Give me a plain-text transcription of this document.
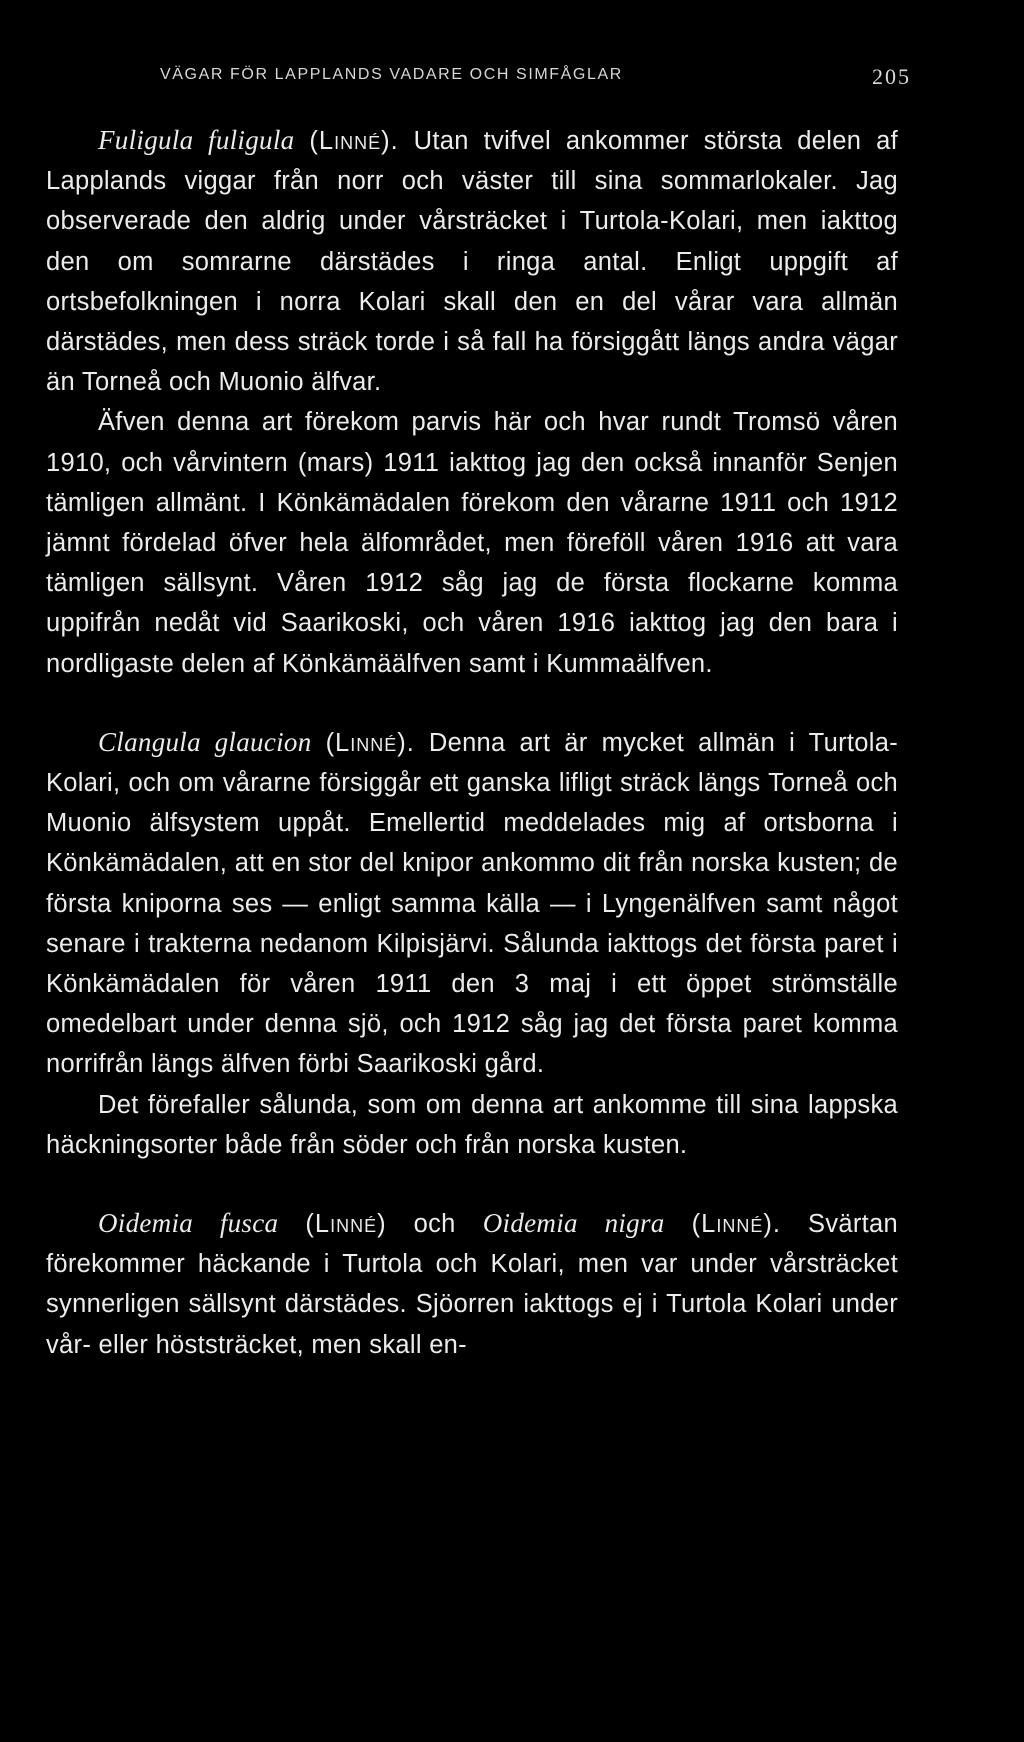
VÄGAR FÖR LAPPLANDS VADARE OCH SIMFÅGLAR	205

Fuligula fuligula (Linné). Utan tvifvel ankommer största delen af Lapplands viggar från norr och väster till sina sommarlokaler. Jag observerade den aldrig under vårsträcket i Turtola-Kolari, men iakttog den om somrarne därstädes i ringa antal. Enligt uppgift af ortsbefolkningen i norra Kolari skall den en del vårar vara allmän därstädes, men dess sträck torde i så fall ha försiggått längs andra vägar än Torneå och Muonio älfvar.

Äfven denna art förekom parvis här och hvar rundt Tromsö våren 1910, och vårvintern (mars) 1911 iakttog jag den också innanför Senjen tämligen allmänt. I Könkämädalen förekom den vårarne 1911 och 1912 jämnt fördelad öfver hela älfområdet, men föreföll våren 1916 att vara tämligen sällsynt. Våren 1912 såg jag de första flockarne komma uppifrån nedåt vid Saarikoski, och våren 1916 iakttog jag den bara i nordligaste delen af Könkämäälfven samt i Kummaälfven.

Clangula glaucion (Linné). Denna art är mycket allmän i Turtola-Kolari, och om vårarne försiggår ett ganska lifligt sträck längs Torneå och Muonio älfsystem uppåt. Emellertid meddelades mig af ortsborna i Könkämädalen, att en stor del knipor ankommo dit från norska kusten; de första kniporna ses — enligt samma källa — i Lyngenälfven samt något senare i trakterna nedanom Kilpisjärvi. Sålunda iakttogs det första paret i Könkämädalen för våren 1911 den 3 maj i ett öppet strömställe omedelbart under denna sjö, och 1912 såg jag det första paret komma norrifrån längs älfven förbi Saarikoski gård.

Det förefaller sålunda, som om denna art ankomme till sina lappska häckningsorter både från söder och från norska kusten.

Oidemia fusca (Linné) och Oidemia nigra (Linné). Svärtan förekommer häckande i Turtola och Kolari, men var under vårsträcket synnerligen sällsynt därstädes. Sjöorren iakttogs ej i Turtola Kolari under vår- eller höststräcket, men skall en-
